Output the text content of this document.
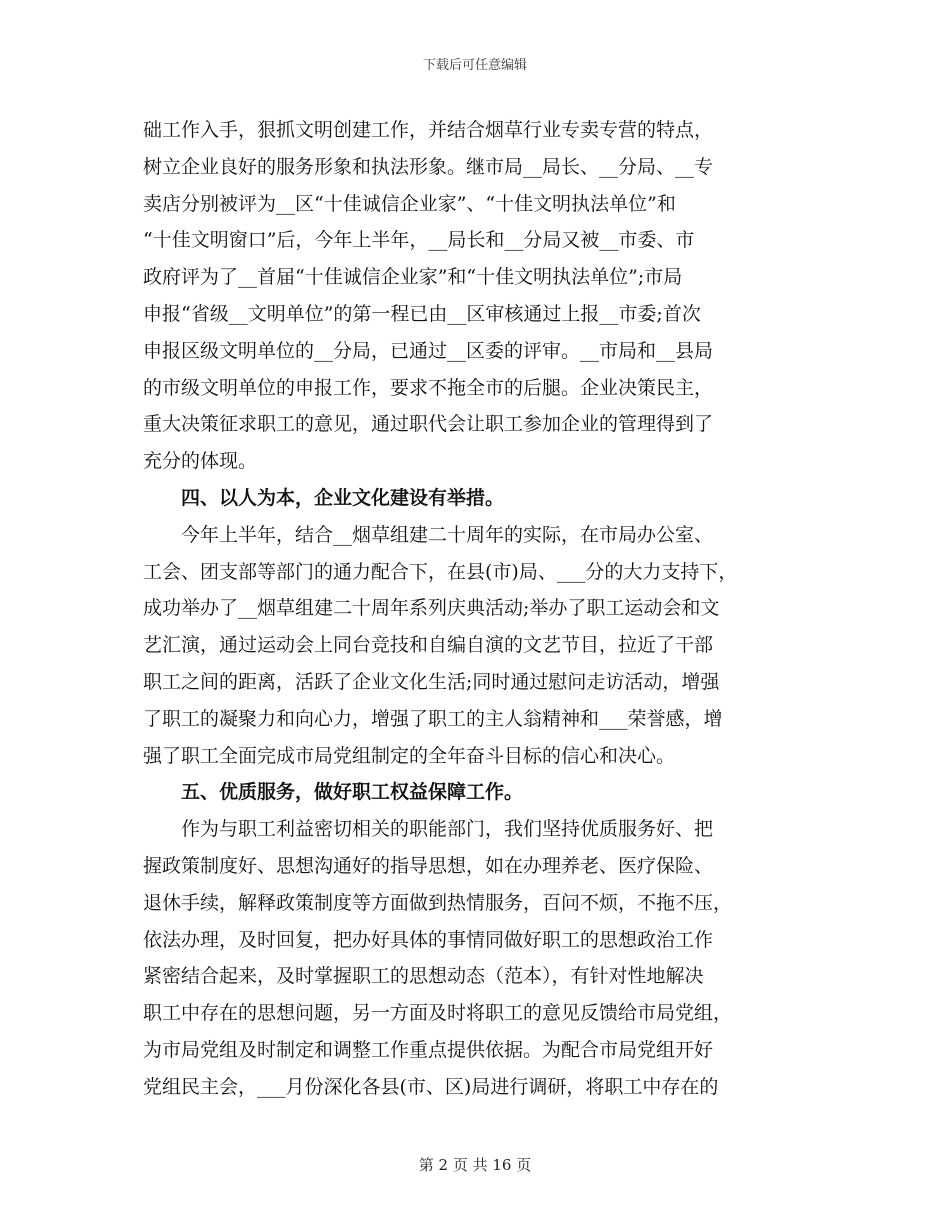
下载后可任意编辑
础工作入手，狠抓文明创建工作，并结合烟草行业专卖专营的特点，
树立企业良好的服务形象和执法形象。继市局__局长、__分局、__专
卖店分别被评为__区“十佳诚信企业家”、“十佳文明执法单位”和
“十佳文明窗口”后，今年上半年，__局长和__分局又被__市委、市
政府评为了__首届“十佳诚信企业家”和“十佳文明执法单位”;市局
申报“省级__文明单位”的第一程已由__区审核通过上报__市委;首次
申报区级文明单位的__分局，已通过__区委的评审。__市局和__县局
的市级文明单位的申报工作，要求不拖全市的后腿。企业决策民主，
重大决策征求职工的意见，通过职代会让职工参加企业的管理得到了
充分的体现。
四、以人为本，企业文化建设有举措。
今年上半年，结合__烟草组建二十周年的实际，在市局办公室、
工会、团支部等部门的通力配合下，在县(市)局、___分的大力支持下，
成功举办了__烟草组建二十周年系列庆典活动;举办了职工运动会和文
艺汇演，通过运动会上同台竞技和自编自演的文艺节目，拉近了干部
职工之间的距离，活跃了企业文化生活;同时通过慰问走访活动，增强
了职工的凝聚力和向心力，增强了职工的主人翁精神和___荣誉感，增
强了职工全面完成市局党组制定的全年奋斗目标的信心和决心。
五、优质服务，做好职工权益保障工作。
作为与职工利益密切相关的职能部门，我们坚持优质服务好、把
握政策制度好、思想沟通好的指导思想，如在办理养老、医疗保险、
退休手续，解释政策制度等方面做到热情服务，百问不烦，不拖不压，
依法办理，及时回复，把办好具体的事情同做好职工的思想政治工作
紧密结合起来，及时掌握职工的思想动态（范本），有针对性地解决
职工中存在的思想问题，另一方面及时将职工的意见反馈给市局党组，
为市局党组及时制定和调整工作重点提供依据。为配合市局党组开好
党组民主会，___月份深化各县(市、区)局进行调研，将职工中存在的
第 2 页 共 16 页
